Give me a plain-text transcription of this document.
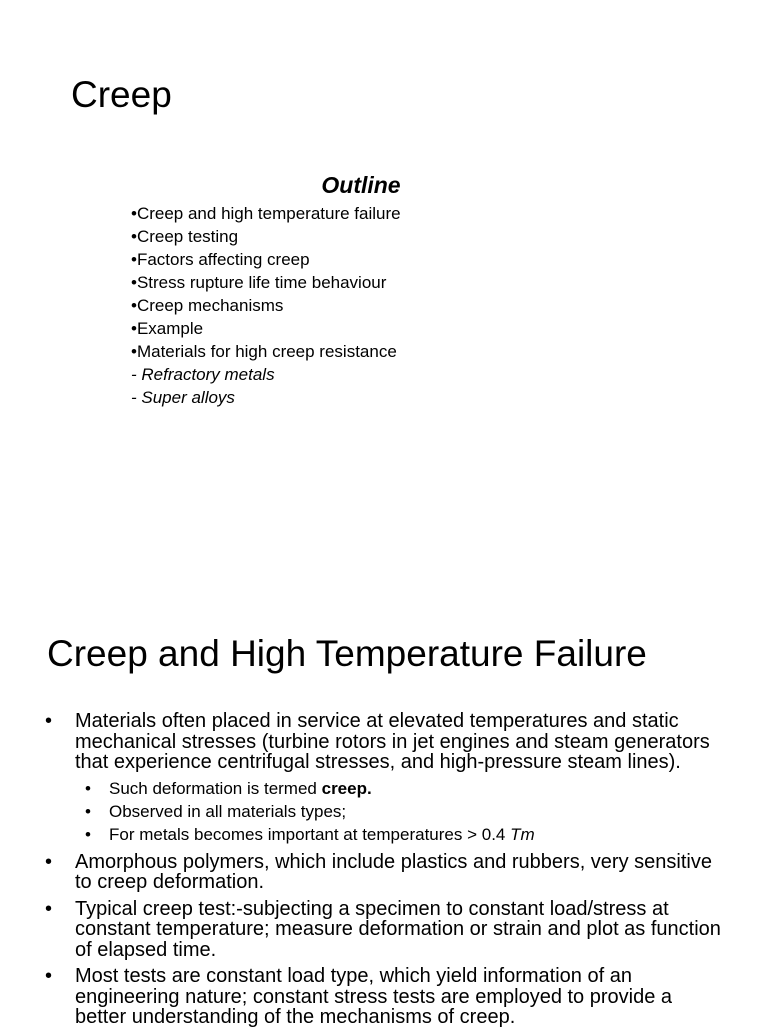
Creep
Outline
•Creep and high temperature failure
•Creep testing
•Factors affecting creep
•Stress rupture life time behaviour
•Creep mechanisms
•Example
•Materials for high creep resistance
- Refractory metals
- Super alloys
Creep and High Temperature Failure
• Materials often placed in service at elevated temperatures and static mechanical stresses (turbine rotors in jet engines and steam generators that experience centrifugal stresses, and high-pressure steam lines).
• Such deformation is termed creep.
• Observed in all materials types;
• For metals becomes important at temperatures > 0.4 Tm
• Amorphous polymers, which include plastics and rubbers, very sensitive to creep deformation.
• Typical creep test:-subjecting a specimen to constant load/stress at constant temperature; measure deformation or strain and plot as function of elapsed time.
• Most tests are constant load type, which yield information of an engineering nature; constant stress tests are employed to provide a better understanding of the mechanisms of creep.
